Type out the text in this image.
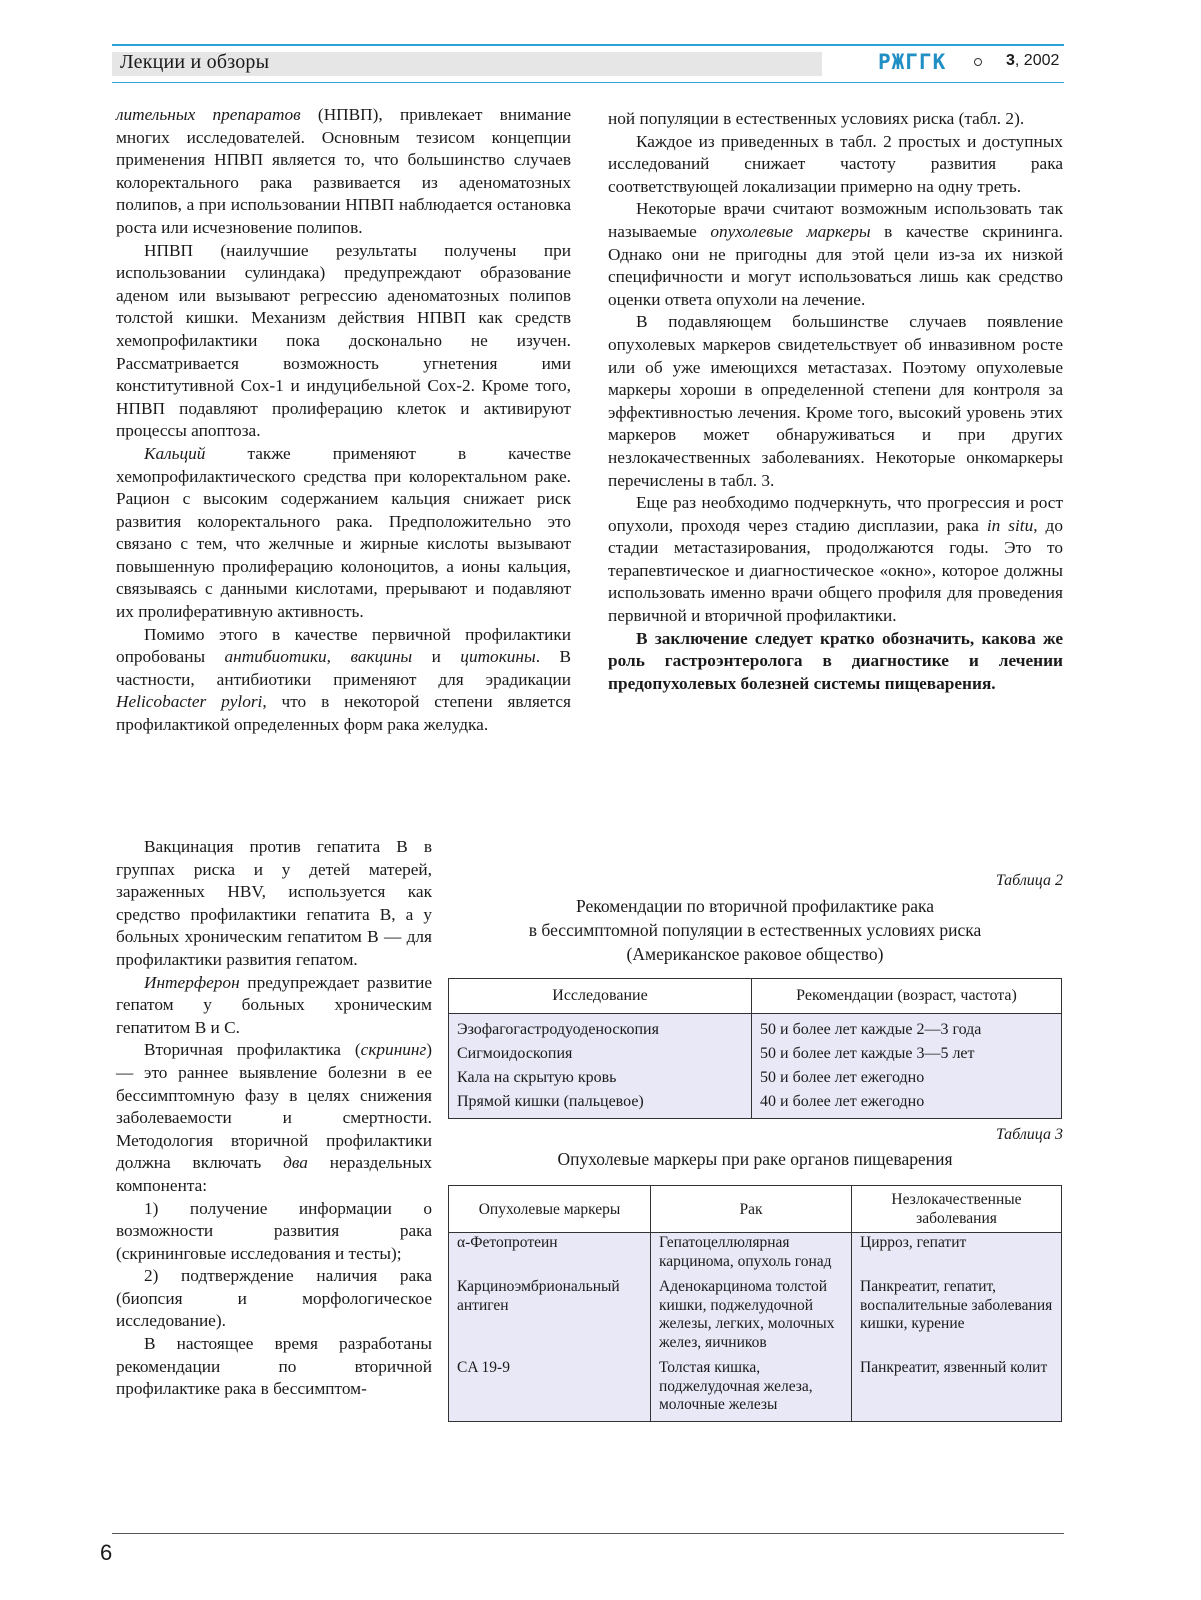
Лекции и обзоры	РЖГГК	3, 2002

лительных препаратов (НПВП), привлекает внимание многих исследователей. Основным тезисом концепции применения НПВП является то, что большинство случаев колоректального рака развивается из аденоматозных полипов, а при использовании НПВП наблюдается остановка роста или исчезновение полипов.

НПВП (наилучшие результаты получены при использовании сулиндака) предупреждают образование аденом или вызывают регрессию аденоматозных полипов толстой кишки. Механизм действия НПВП как средств хемопрофилактики пока досконально не изучен. Рассматривается возможность угнетения ими конститутивной Cox-1 и индуцибельной Cox-2. Кроме того, НПВП подавляют пролиферацию клеток и активируют процессы апоптоза.

Кальций также применяют в качестве хемопрофилактического средства при колоректальном раке. Рацион с высоким содержанием кальция снижает риск развития колоректального рака. Предположительно это связано с тем, что желчные и жирные кислоты вызывают повышенную пролиферацию колоноцитов, а ионы кальция, связываясь с данными кислотами, прерывают и подавляют их пролиферативную активность.

Помимо этого в качестве первичной профилактики опробованы антибиотики, вакцины и цитокины. В частности, антибиотики применяют для эрадикации Helicobacter pylori, что в некоторой степени является профилактикой определенных форм рака желудка.

Вакцинация против гепатита В в группах риска и у детей матерей, зараженных HBV, используется как средство профилактики гепатита В, а у больных хроническим гепатитом В — для профилактики развития гепатом.

Интерферон предупреждает развитие гепатом у больных хроническим гепатитом В и С.

Вторичная профилактика (скрининг) — это раннее выявление болезни в ее бессимптомную фазу в целях снижения заболеваемости и смертности. Методология вторичной профилактики должна включать два нераздельных компонента:

1) получение информации о возможности развития рака (скрининговые исследования и тесты);

2) подтверждение наличия рака (биопсия и морфологическое исследование).

В настоящее время разработаны рекомендации по вторичной профилактике рака в бессимптом-

ной популяции в естественных условиях риска (табл. 2).

Каждое из приведенных в табл. 2 простых и доступных исследований снижает частоту развития рака соответствующей локализации примерно на одну треть.

Некоторые врачи считают возможным использовать так называемые опухолевые маркеры в качестве скрининга. Однако они не пригодны для этой цели из-за их низкой специфичности и могут использоваться лишь как средство оценки ответа опухоли на лечение.

В подавляющем большинстве случаев появление опухолевых маркеров свидетельствует об инвазивном росте или об уже имеющихся метастазах. Поэтому опухолевые маркеры хороши в определенной степени для контроля за эффективностью лечения. Кроме того, высокий уровень этих маркеров может обнаруживаться и при других незлокачественных заболеваниях. Некоторые онкомаркеры перечислены в табл. 3.

Еще раз необходимо подчеркнуть, что прогрессия и рост опухоли, проходя через стадию дисплазии, рака in situ, до стадии метастазирования, продолжаются годы. Это то терапевтическое и диагностическое «окно», которое должны использовать именно врачи общего профиля для проведения первичной и вторичной профилактики.

В заключение следует кратко обозначить, какова же роль гастроэнтеролога в диагностике и лечении предопухолевых болезней системы пищеварения.

Таблица 2
Рекомендации по вторичной профилактике рака
в бессимптомной популяции в естественных условиях риска
(Американское раковое общество)
Исследование	Рекомендации (возраст, частота)
Эзофагогастродуоденоскопия	50 и более лет каждые 2—3 года
Сигмоидоскопия	50 и более лет каждые 3—5 лет
Кала на скрытую кровь	50 и более лет ежегодно
Прямой кишки (пальцевое)	40 и более лет ежегодно
Таблица 3
Опухолевые маркеры при раке органов пищеварения
Опухолевые маркеры	Рак	Незлокачественные заболевания
α-Фетопротеин	Гепатоцеллюлярная карцинома, опухоль гонад	Цирроз, гепатит
Карциноэмбриональный антиген	Аденокарцинома толстой кишки, поджелудочной железы, легких, молочных желез, яичников	Панкреатит, гепатит, воспалительные заболевания кишки, курение
CA 19-9	Толстая кишка, поджелудочная железа, молочные железы	Панкреатит, язвенный колит
6
